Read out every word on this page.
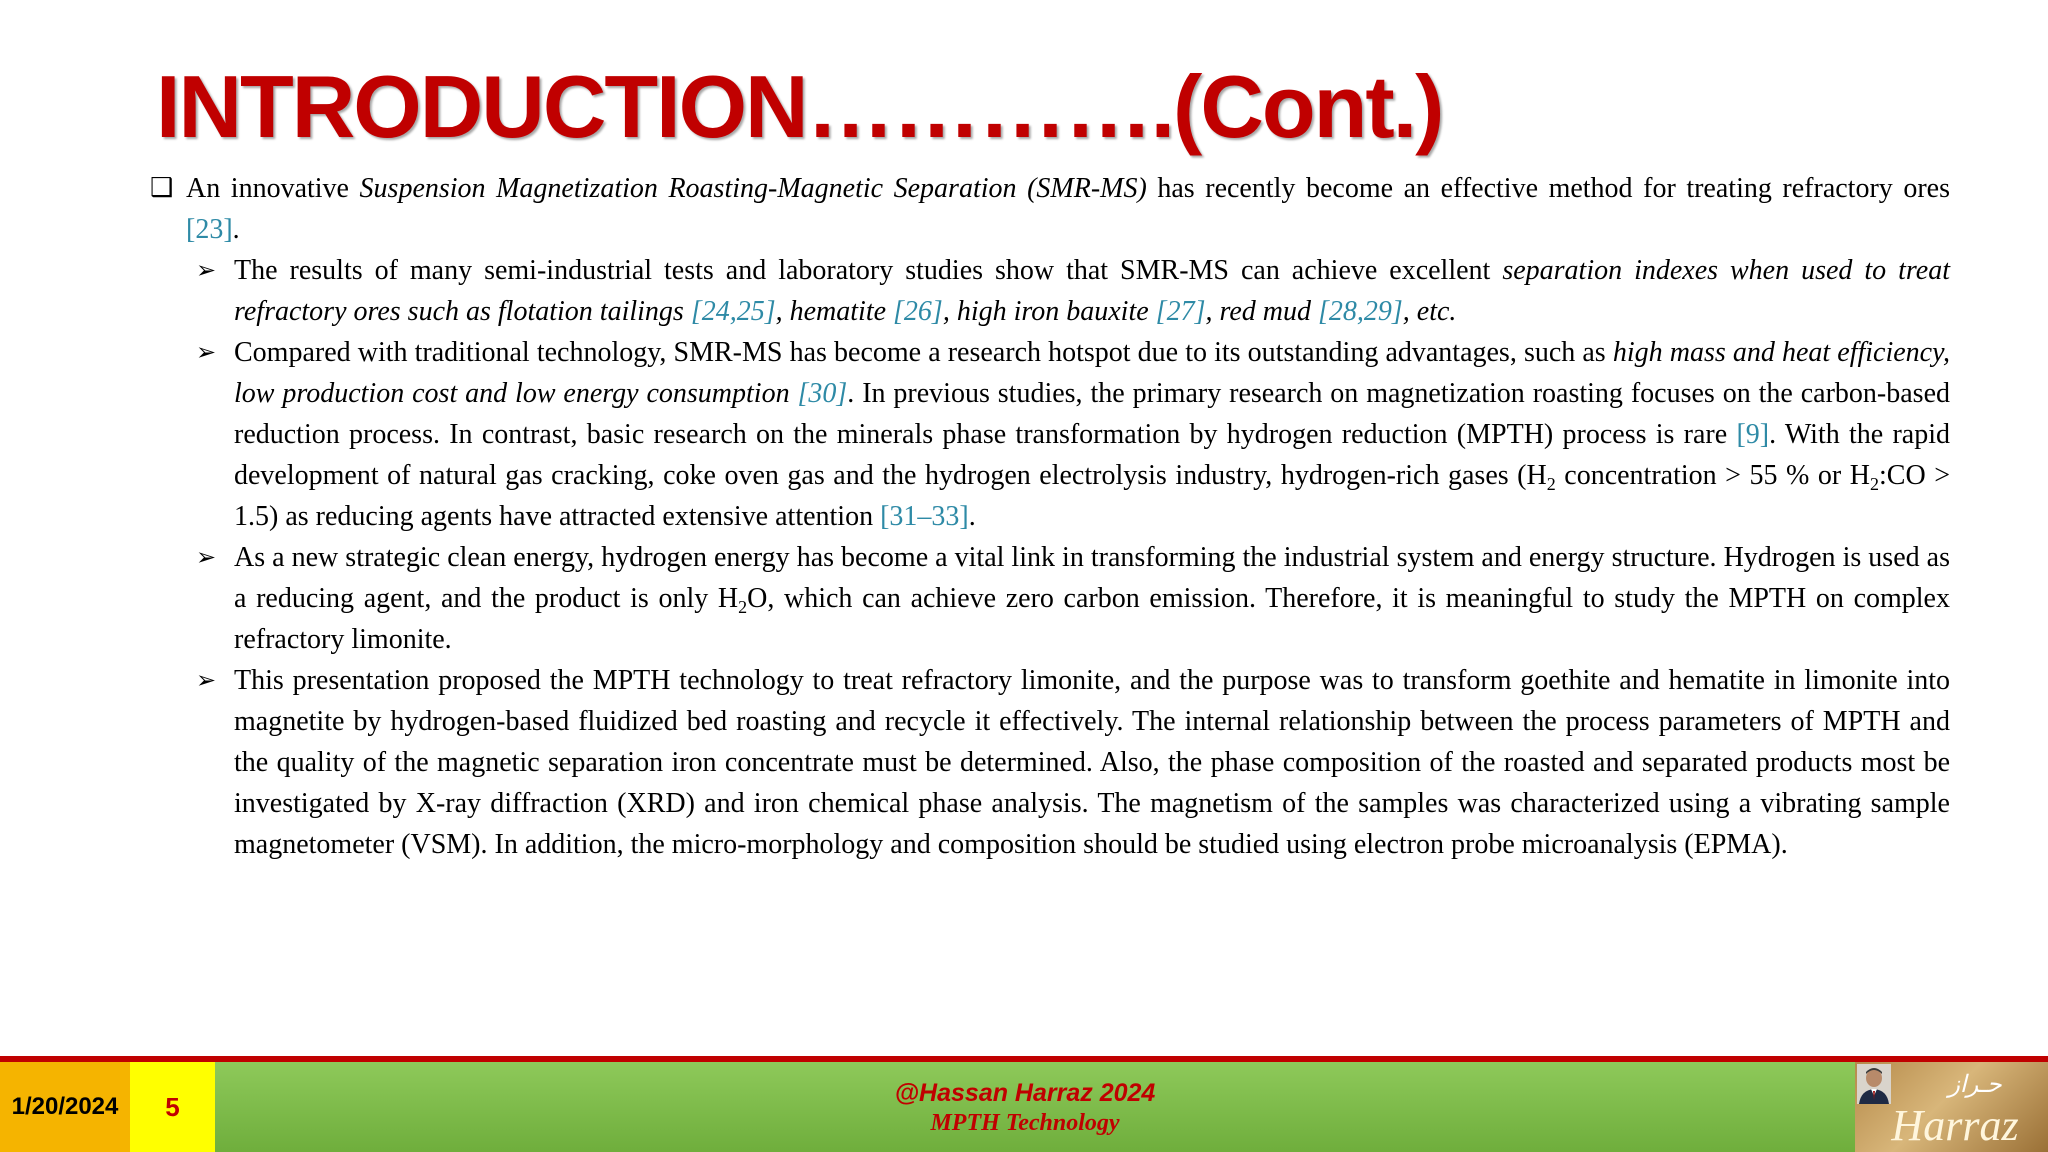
INTRODUCTION………….(Cont.)
❑ An innovative Suspension Magnetization Roasting-Magnetic Separation (SMR-MS) has recently become an effective method for treating refractory ores [23].
➢ The results of many semi-industrial tests and laboratory studies show that SMR-MS can achieve excellent separation indexes when used to treat refractory ores such as flotation tailings [24,25], hematite [26], high iron bauxite [27], red mud [28,29], etc.
➢ Compared with traditional technology, SMR-MS has become a research hotspot due to its outstanding advantages, such as high mass and heat efficiency, low production cost and low energy consumption [30]. In previous studies, the primary research on magnetization roasting focuses on the carbon-based reduction process. In contrast, basic research on the minerals phase transformation by hydrogen reduction (MPTH) process is rare [9]. With the rapid development of natural gas cracking, coke oven gas and the hydrogen electrolysis industry, hydrogen-rich gases ($H_2$ concentration > 55 % or $H_2:CO > 1.5$) as reducing agents have attracted extensive attention [31–33].
➢ As a new strategic clean energy, hydrogen energy has become a vital link in transforming the industrial system and energy structure. Hydrogen is used as a reducing agent, and the product is only $H_2O$, which can achieve zero carbon emission. Therefore, it is meaningful to study the MPTH on complex refractory limonite.
➢ This presentation proposed the MPTH technology to treat refractory limonite, and the purpose was to transform goethite and hematite in limonite into magnetite by hydrogen-based fluidized bed roasting and recycle it effectively. The internal relationship between the process parameters of MPTH and the quality of the magnetic separation iron concentrate must be determined. Also, the phase composition of the roasted and separated products most be investigated by X-ray diffraction (XRD) and iron chemical phase analysis. The magnetism of the samples was characterized using a vibrating sample magnetometer (VSM). In addition, the micro-morphology and composition should be studied using electron probe microanalysis (EPMA).
1/20/2024	5	@Hassan Harraz 2024
MPTH Technology
حـراز
Harraz
